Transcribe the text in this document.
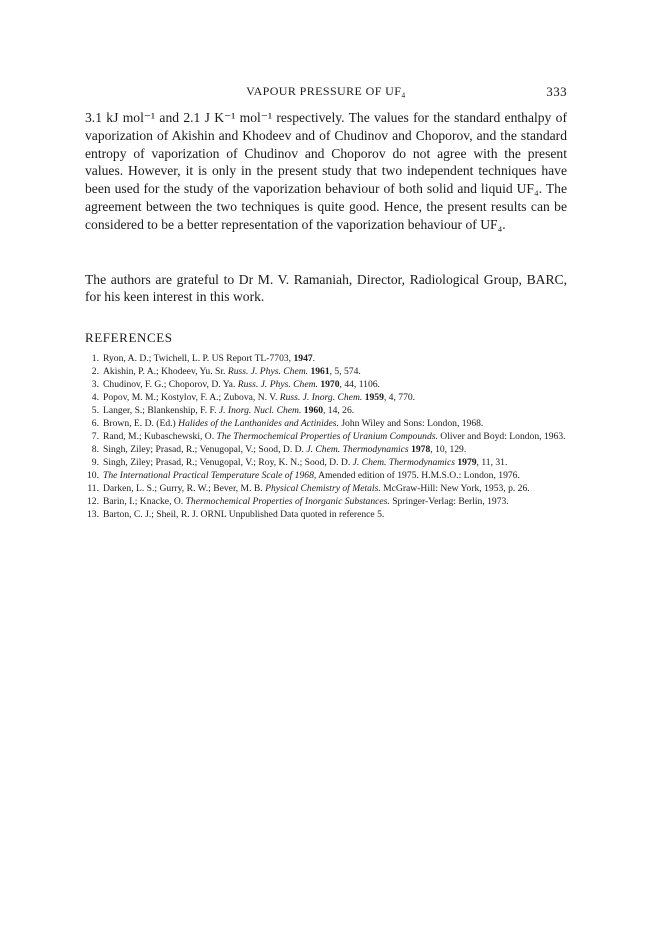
VAPOUR PRESSURE OF UF₄	333

3.1 kJ mol⁻¹ and 2.1 J K⁻¹ mol⁻¹ respectively. The values for the standard enthalpy of vaporization of Akishin and Khodeev and of Chudinov and Choporov, and the standard entropy of vaporization of Chudinov and Choporov do not agree with the present values. However, it is only in the present study that two independent techniques have been used for the study of the vaporization behaviour of both solid and liquid UF₄. The agreement between the two techniques is quite good. Hence, the present results can be considered to be a better representation of the vaporization behaviour of UF₄.

The authors are grateful to Dr M. V. Ramaniah, Director, Radiological Group, BARC, for his keen interest in this work.

REFERENCES
1. Ryon, A. D.; Twichell, L. P. US Report TL-7703, 1947.
2. Akishin, P. A.; Khodeev, Yu. Sr. Russ. J. Phys. Chem. 1961, 5, 574.
3. Chudinov, F. G.; Choporov, D. Ya. Russ. J. Phys. Chem. 1970, 44, 1106.
4. Popov, M. M.; Kostylov, F. A.; Zubova, N. V. Russ. J. Inorg. Chem. 1959, 4, 770.
5. Langer, S.; Blankenship, F. F. J. Inorg. Nucl. Chem. 1960, 14, 26.
6. Brown, E. D. (Ed.) Halides of the Lanthanides and Actinides. John Wiley and Sons: London, 1968.
7. Rand, M.; Kubaschewski, O. The Thermochemical Properties of Uranium Compounds. Oliver and Boyd: London, 1963.
8. Singh, Ziley; Prasad, R.; Venugopal, V.; Sood, D. D. J. Chem. Thermodynamics 1978, 10, 129.
9. Singh, Ziley; Prasad, R.; Venugopal, V.; Roy, K. N.; Sood, D. D. J. Chem. Thermodynamics 1979, 11, 31.
10. The International Practical Temperature Scale of 1968, Amended edition of 1975. H.M.S.O.: London, 1976.
11. Darken, L. S.; Gurry, R. W.; Bever, M. B. Physical Chemistry of Metals. McGraw-Hill: New York, 1953, p. 26.
12. Barin, I.; Knacke, O. Thermochemical Properties of Inorganic Substances. Springer-Verlag: Berlin, 1973.
13. Barton, C. J.; Sheil, R. J. ORNL Unpublished Data quoted in reference 5.
